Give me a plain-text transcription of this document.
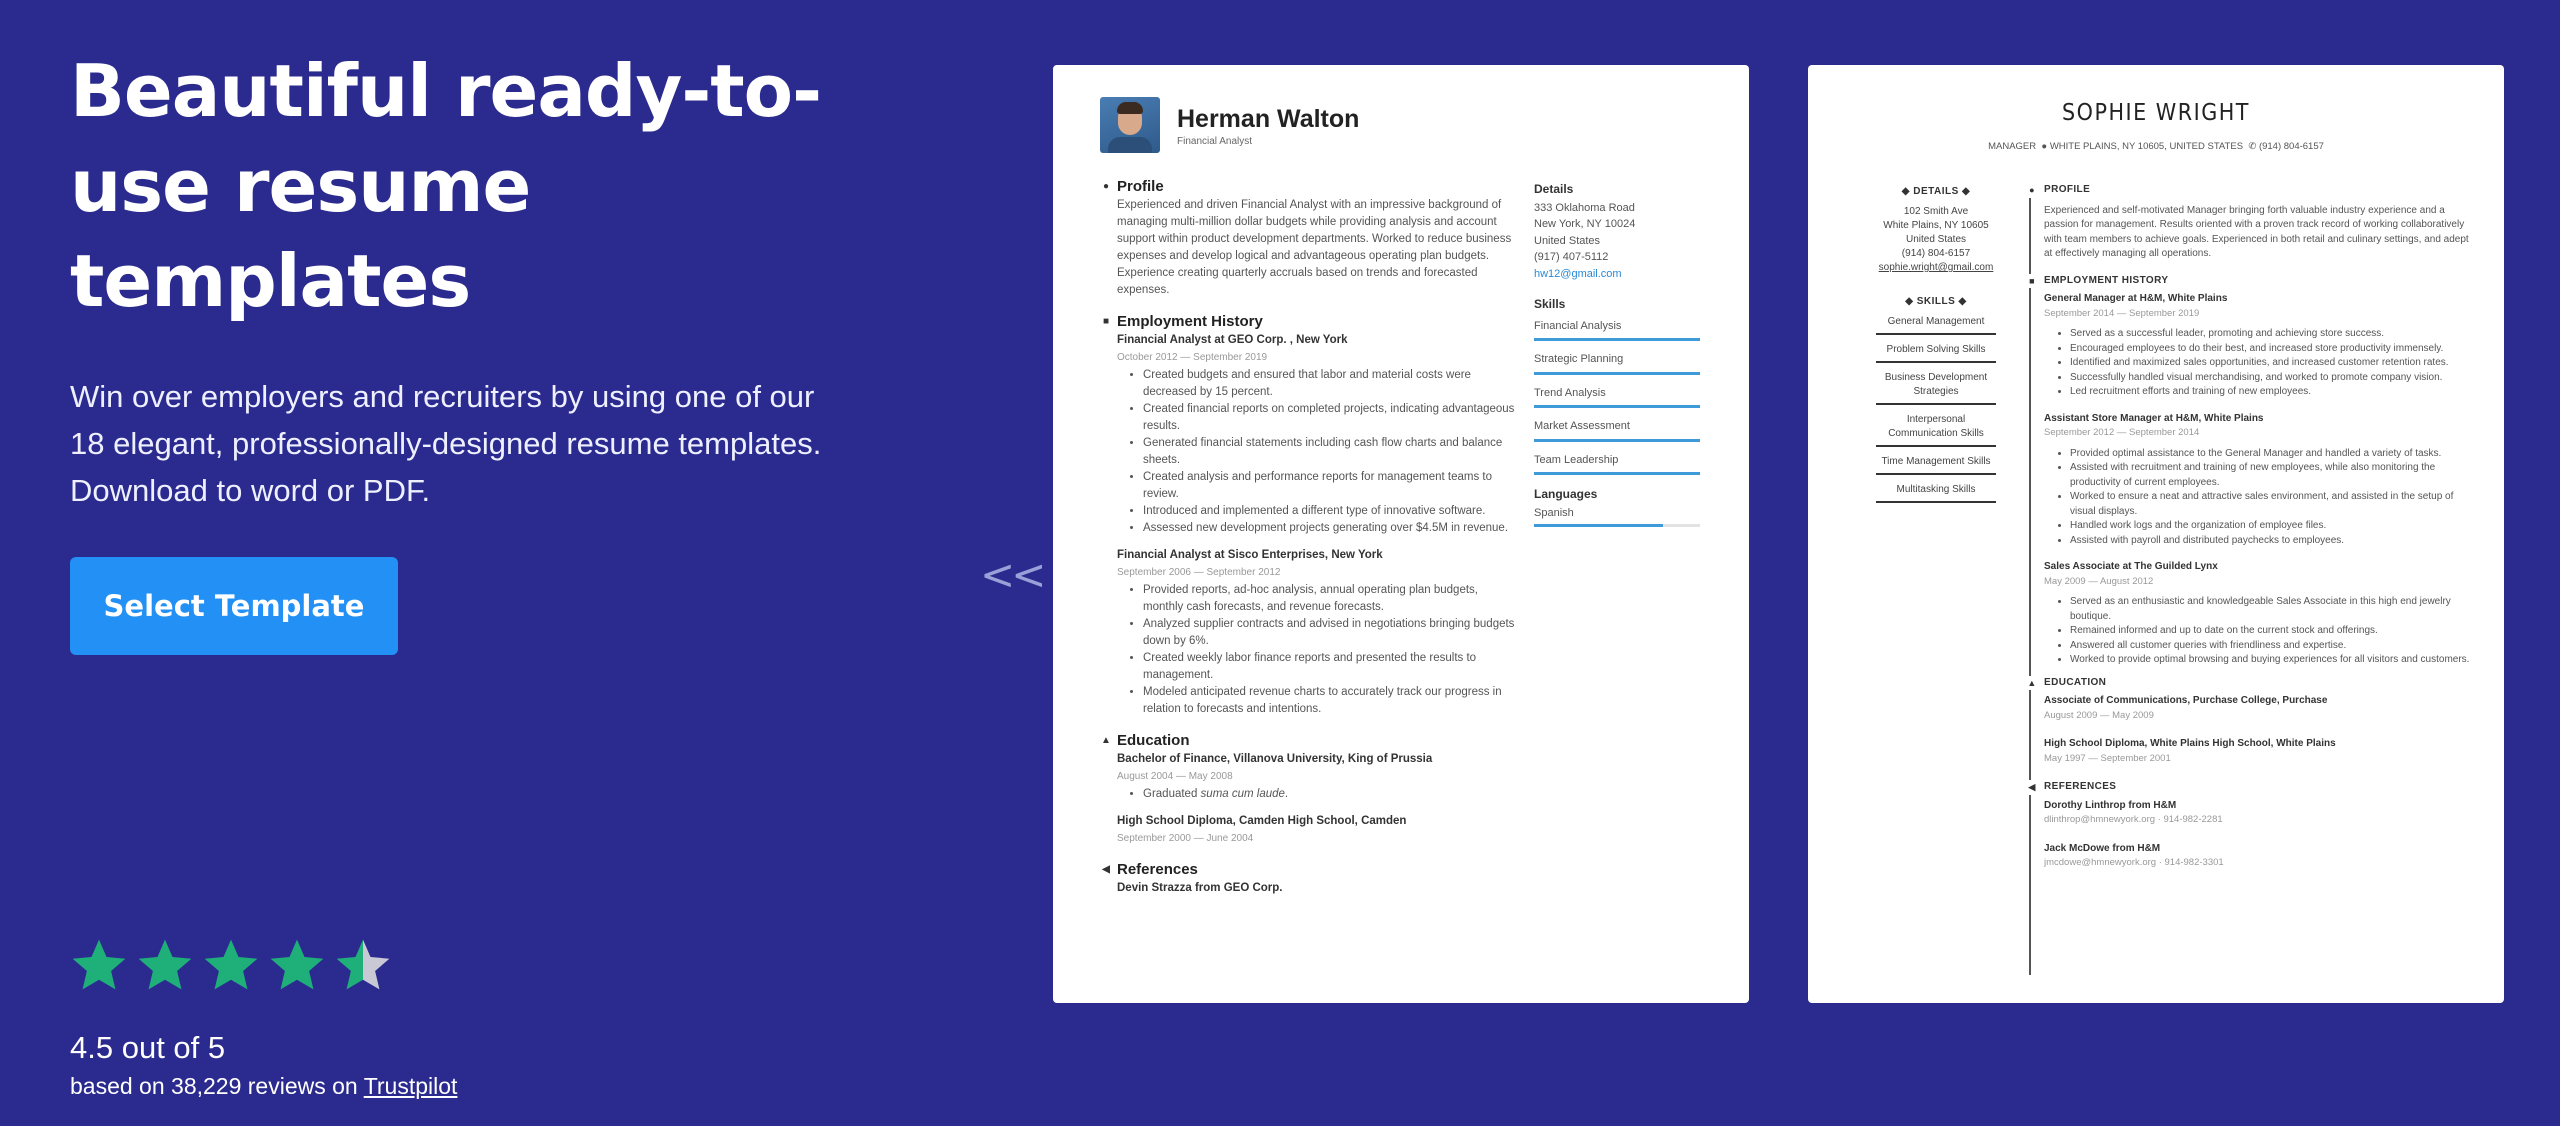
Beautiful ready-to-use resume templates

Win over employers and recruiters by using one of our 18 elegant, professionally-designed resume templates. Download to word or PDF.

Select Template
4.5 out of 5
based on 38,229 reviews on Trustpilot
<<
Herman Walton
Financial Analyst
● Profile
Experienced and driven Financial Analyst with an impressive background of managing multi-million dollar budgets while providing analysis and account support within product development departments. Worked to reduce business expenses and develop logical and advantageous operating plan budgets. Experience creating quarterly accruals based on trends and forecasted expenses.
■ Employment History
Financial Analyst at GEO Corp. , New York
October 2012 — September 2019
• Created budgets and ensured that labor and material costs were decreased by 15 percent.
• Created financial reports on completed projects, indicating advantageous results.
• Generated financial statements including cash flow charts and balance sheets.
• Created analysis and performance reports for management teams to review.
• Introduced and implemented a different type of innovative software.
• Assessed new development projects generating over $4.5M in revenue.
Financial Analyst at Sisco Enterprises, New York
September 2006 — September 2012
• Provided reports, ad-hoc analysis, annual operating plan budgets, monthly cash forecasts, and revenue forecasts.
• Analyzed supplier contracts and advised in negotiations bringing budgets down by 6%.
• Created weekly labor finance reports and presented the results to management.
• Modeled anticipated revenue charts to accurately track our progress in relation to forecasts and intentions.
▲ Education
Bachelor of Finance, Villanova University, King of Prussia
August 2004 — May 2008
• Graduated suma cum laude.
High School Diploma, Camden High School, Camden
September 2000 — June 2004
◀ References
Devin Strazza from GEO Corp.
Details
333 Oklahoma Road
New York, NY 10024
United States
(917) 407-5112
hw12@gmail.com
Skills
Financial Analysis
Strategic Planning
Trend Analysis
Market Assessment
Team Leadership
Languages
Spanish
SOPHIE WRIGHT
MANAGER ● WHITE PLAINS, NY 10605, UNITED STATES ✆ (914) 804-6157
◆ DETAILS ◆
102 Smith Ave
White Plains, NY 10605
United States
(914) 804-6157
sophie.wright@gmail.com
◆ SKILLS ◆
General Management
Problem Solving Skills
Business Development Strategies
Interpersonal Communication Skills
Time Management Skills
Multitasking Skills
● PROFILE
Experienced and self-motivated Manager bringing forth valuable industry experience and a passion for management. Results oriented with a proven track record of working collaboratively with team members to achieve goals. Experienced in both retail and culinary settings, and adept at effectively managing all operations.
■ EMPLOYMENT HISTORY
General Manager at H&M, White Plains
September 2014 — September 2019
• Served as a successful leader, promoting and achieving store success.
• Encouraged employees to do their best, and increased store productivity immensely.
• Identified and maximized sales opportunities, and increased customer retention rates.
• Successfully handled visual merchandising, and worked to promote company vision.
• Led recruitment efforts and training of new employees.
Assistant Store Manager at H&M, White Plains
September 2012 — September 2014
• Provided optimal assistance to the General Manager and handled a variety of tasks.
• Assisted with recruitment and training of new employees, while also monitoring the productivity of current employees.
• Worked to ensure a neat and attractive sales environment, and assisted in the setup of visual displays.
• Handled work logs and the organization of employee files.
• Assisted with payroll and distributed paychecks to employees.
Sales Associate at The Guilded Lynx
May 2009 — August 2012
• Served as an enthusiastic and knowledgeable Sales Associate in this high end jewelry boutique.
• Remained informed and up to date on the current stock and offerings.
• Answered all customer queries with friendliness and expertise.
• Worked to provide optimal browsing and buying experiences for all visitors and customers.
▲ EDUCATION
Associate of Communications, Purchase College, Purchase
August 2009 — May 2009
High School Diploma, White Plains High School, White Plains
May 1997 — September 2001
◀ REFERENCES
Dorothy Linthrop from H&M
dlinthrop@hmnewyork.org · 914-982-2281
Jack McDowe from H&M
jmcdowe@hmnewyork.org · 914-982-3301
